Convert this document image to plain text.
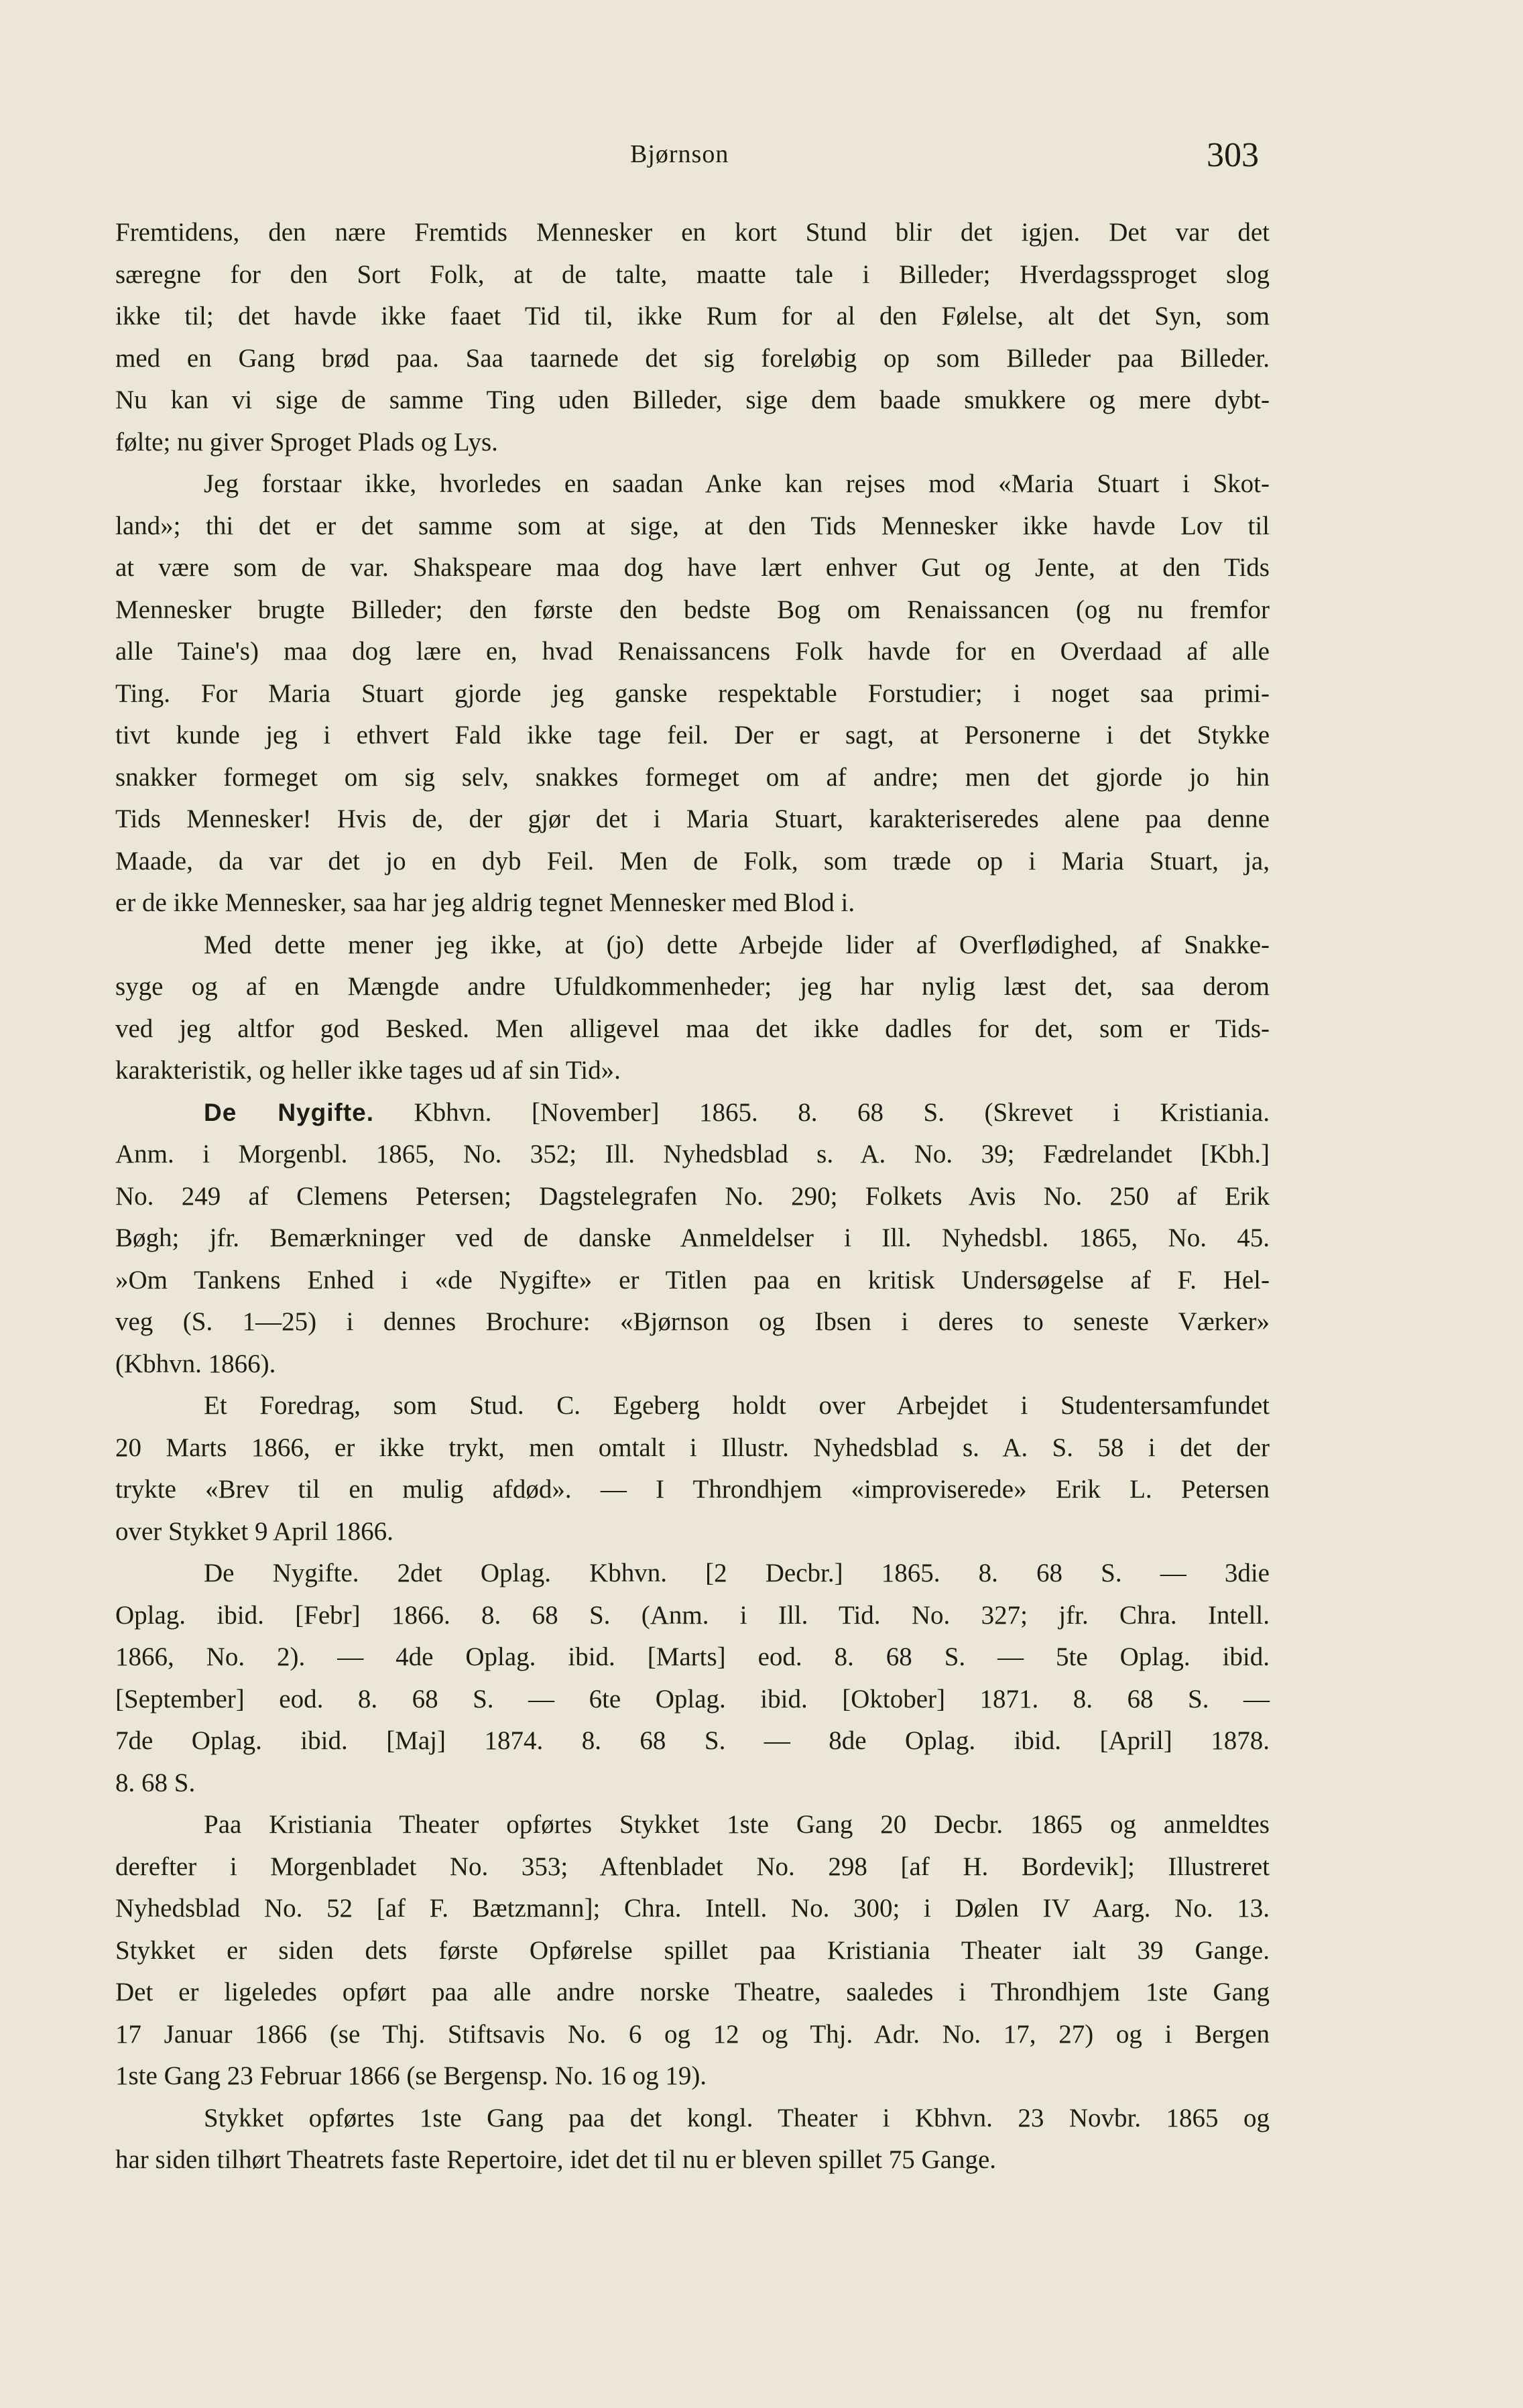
Bjørnson	303
Fremtidens, den nære Fremtids Mennesker en kort Stund blir det igjen. Det var det
særegne for den Sort Folk, at de talte, maatte tale i Billeder; Hverdagssproget slog
ikke til; det havde ikke faaet Tid til, ikke Rum for al den Følelse, alt det Syn, som
med en Gang brød paa. Saa taarnede det sig foreløbig op som Billeder paa Billeder.
Nu kan vi sige de samme Ting uden Billeder, sige dem baade smukkere og mere dybt-
følte; nu giver Sproget Plads og Lys.
Jeg forstaar ikke, hvorledes en saadan Anke kan rejses mod «Maria Stuart i Skot-
land»; thi det er det samme som at sige, at den Tids Mennesker ikke havde Lov til
at være som de var. Shakspeare maa dog have lært enhver Gut og Jente, at den Tids
Mennesker brugte Billeder; den første den bedste Bog om Renaissancen (og nu fremfor
alle Taine's) maa dog lære en, hvad Renaissancens Folk havde for en Overdaad af alle
Ting. For Maria Stuart gjorde jeg ganske respektable Forstudier; i noget saa primi-
tivt kunde jeg i ethvert Fald ikke tage feil. Der er sagt, at Personerne i det Stykke
snakker formeget om sig selv, snakkes formeget om af andre; men det gjorde jo hin
Tids Mennesker! Hvis de, der gjør det i Maria Stuart, karakteriseredes alene paa denne
Maade, da var det jo en dyb Feil. Men de Folk, som træde op i Maria Stuart, ja,
er de ikke Mennesker, saa har jeg aldrig tegnet Mennesker med Blod i.
Med dette mener jeg ikke, at (jo) dette Arbejde lider af Overflødighed, af Snakke-
syge og af en Mængde andre Ufuldkommenheder; jeg har nylig læst det, saa derom
ved jeg altfor god Besked. Men alligevel maa det ikke dadles for det, som er Tids-
karakteristik, og heller ikke tages ud af sin Tid».
De Nygifte. Kbhvn. [November] 1865. 8. 68 S. (Skrevet i Kristiania.
Anm. i Morgenbl. 1865, No. 352; Ill. Nyhedsblad s. A. No. 39; Fædrelandet [Kbh.]
No. 249 af Clemens Petersen; Dagstelegrafen No. 290; Folkets Avis No. 250 af Erik
Bøgh; jfr. Bemærkninger ved de danske Anmeldelser i Ill. Nyhedsbl. 1865, No. 45.
»Om Tankens Enhed i «de Nygifte» er Titlen paa en kritisk Undersøgelse af F. Hel-
veg (S. 1—25) i dennes Brochure: «Bjørnson og Ibsen i deres to seneste Værker»
(Kbhvn. 1866).
Et Foredrag, som Stud. C. Egeberg holdt over Arbejdet i Studentersamfundet
20 Marts 1866, er ikke trykt, men omtalt i Illustr. Nyhedsblad s. A. S. 58 i det der
trykte «Brev til en mulig afdød». — I Throndhjem «improviserede» Erik L. Petersen
over Stykket 9 April 1866.
De Nygifte. 2det Oplag. Kbhvn. [2 Decbr.] 1865. 8. 68 S. — 3die
Oplag. ibid. [Febr] 1866. 8. 68 S. (Anm. i Ill. Tid. No. 327; jfr. Chra. Intell.
1866, No. 2). — 4de Oplag. ibid. [Marts] eod. 8. 68 S. — 5te Oplag. ibid.
[September] eod. 8. 68 S. — 6te Oplag. ibid. [Oktober] 1871. 8. 68 S. —
7de Oplag. ibid. [Maj] 1874. 8. 68 S. — 8de Oplag. ibid. [April] 1878.
8. 68 S.
Paa Kristiania Theater opførtes Stykket 1ste Gang 20 Decbr. 1865 og anmeldtes
derefter i Morgenbladet No. 353; Aftenbladet No. 298 [af H. Bordevik]; Illustreret
Nyhedsblad No. 52 [af F. Bætzmann]; Chra. Intell. No. 300; i Dølen IV Aarg. No. 13.
Stykket er siden dets første Opførelse spillet paa Kristiania Theater ialt 39 Gange.
Det er ligeledes opført paa alle andre norske Theatre, saaledes i Throndhjem 1ste Gang
17 Januar 1866 (se Thj. Stiftsavis No. 6 og 12 og Thj. Adr. No. 17, 27) og i Bergen
1ste Gang 23 Februar 1866 (se Bergensp. No. 16 og 19).
Stykket opførtes 1ste Gang paa det kongl. Theater i Kbhvn. 23 Novbr. 1865 og
har siden tilhørt Theatrets faste Repertoire, idet det til nu er bleven spillet 75 Gange.
